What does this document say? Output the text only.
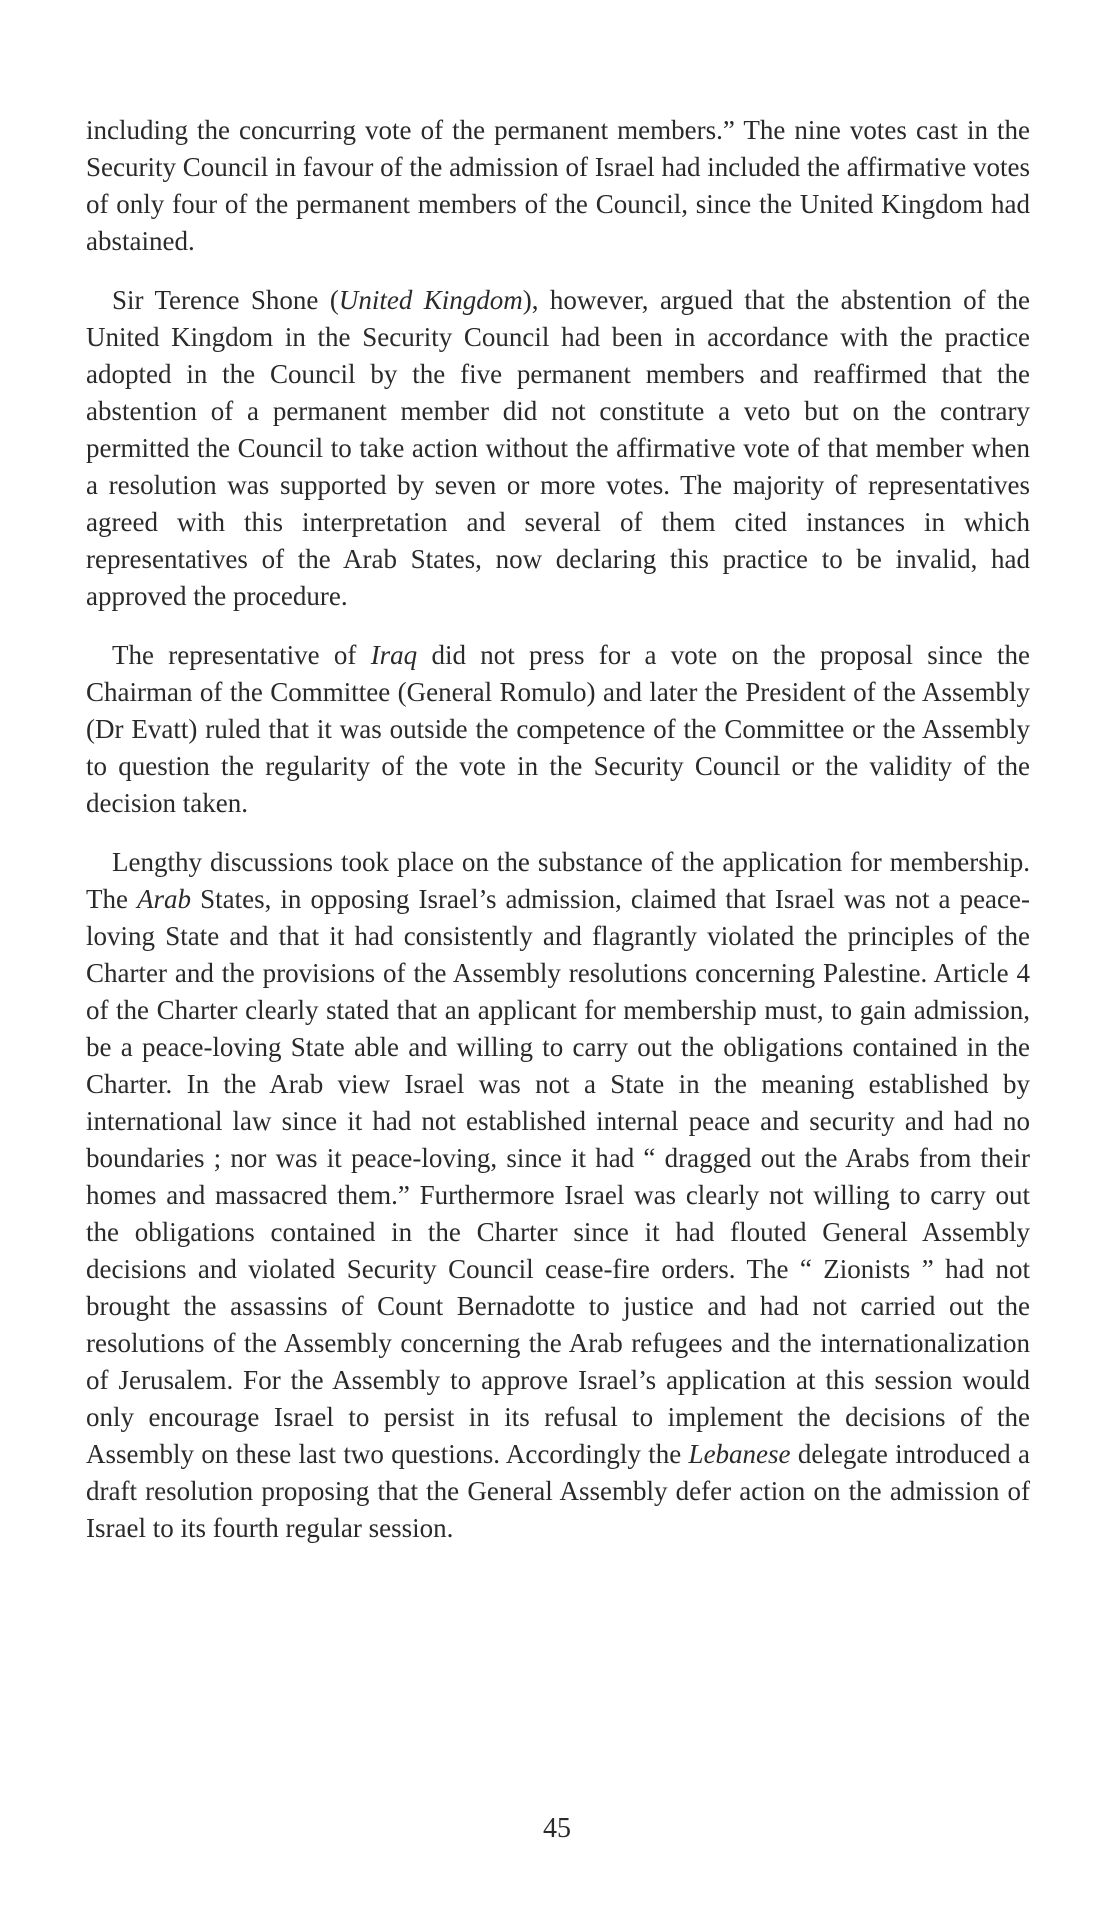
including the concurring vote of the permanent members.” The nine votes cast in the Security Council in favour of the admission of Israel had included the affirmative votes of only four of the permanent members of the Council, since the United Kingdom had abstained.

Sir Terence Shone (United Kingdom), however, argued that the abstention of the United Kingdom in the Security Council had been in accordance with the practice adopted in the Council by the five permanent members and reaffirmed that the abstention of a permanent member did not constitute a veto but on the contrary permitted the Council to take action without the affirmative vote of that member when a resolution was supported by seven or more votes. The majority of representatives agreed with this interpretation and several of them cited instances in which representatives of the Arab States, now declaring this practice to be invalid, had approved the procedure.

The representative of Iraq did not press for a vote on the proposal since the Chairman of the Committee (General Romulo) and later the President of the Assembly (Dr Evatt) ruled that it was outside the competence of the Committee or the Assembly to question the regularity of the vote in the Security Council or the validity of the decision taken.

Lengthy discussions took place on the substance of the application for membership. The Arab States, in opposing Israel’s admission, claimed that Israel was not a peace-loving State and that it had consistently and flagrantly violated the principles of the Charter and the provisions of the Assembly resolutions concerning Palestine. Article 4 of the Charter clearly stated that an applicant for membership must, to gain admission, be a peace-loving State able and willing to carry out the obligations contained in the Charter. In the Arab view Israel was not a State in the meaning established by international law since it had not established internal peace and security and had no boundaries ; nor was it peace-loving, since it had “ dragged out the Arabs from their homes and massacred them.” Furthermore Israel was clearly not willing to carry out the obligations contained in the Charter since it had flouted General Assembly decisions and violated Security Council cease-fire orders. The “ Zionists ” had not brought the assassins of Count Bernadotte to justice and had not carried out the resolutions of the Assembly concerning the Arab refugees and the internationalization of Jerusalem. For the Assembly to approve Israel’s application at this session would only encourage Israel to persist in its refusal to implement the decisions of the Assembly on these last two questions. Accordingly the Lebanese delegate introduced a draft resolution proposing that the General Assembly defer action on the admission of Israel to its fourth regular session.

45
